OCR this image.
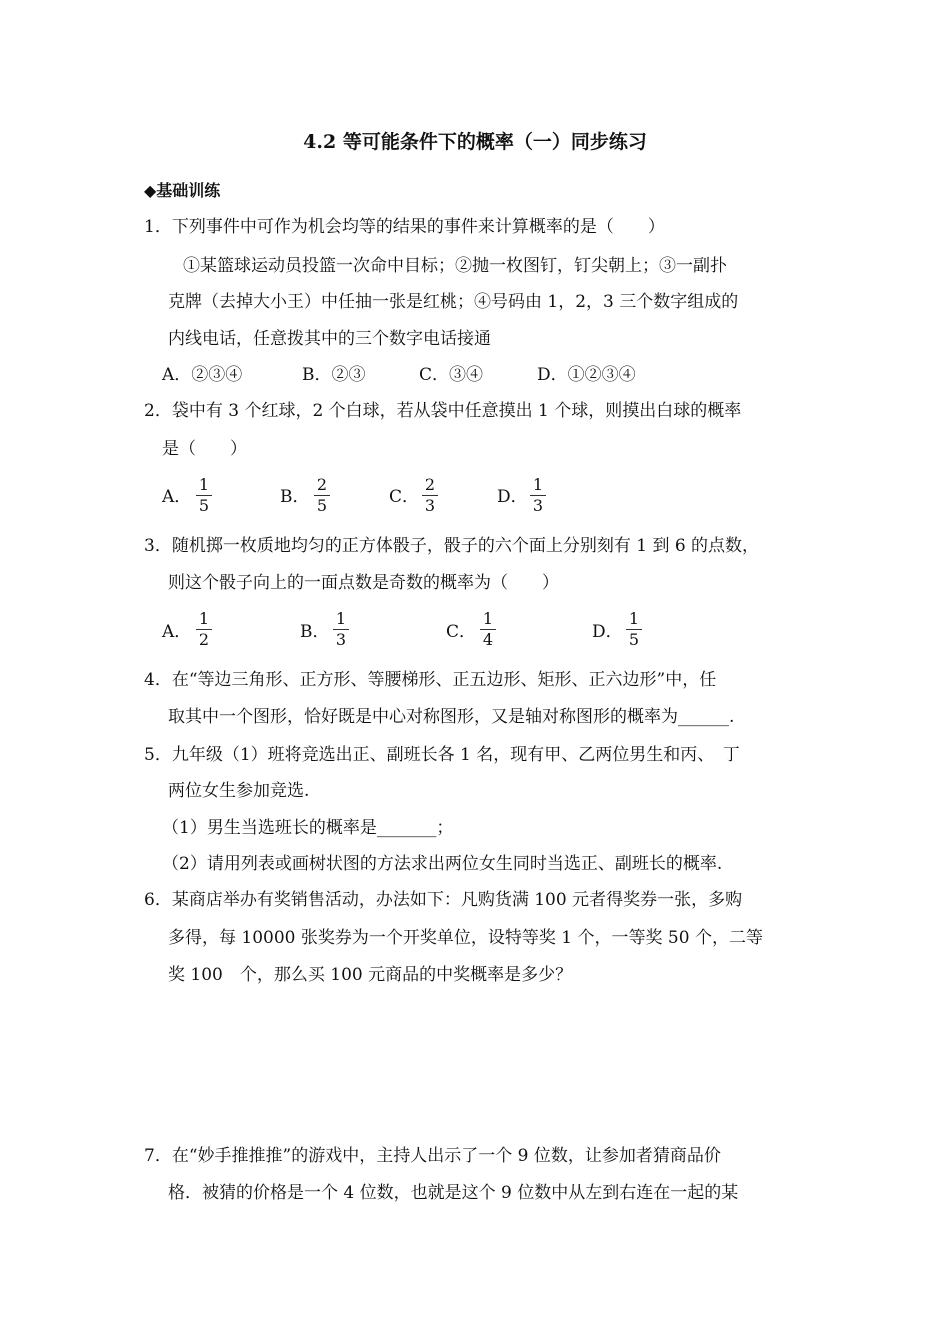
4.2 等可能条件下的概率（一）同步练习
◆基础训练
1．下列事件中可作为机会均等的结果的事件来计算概率的是（　　）
①某篮球运动员投篮一次命中目标；②抛一枚图钉，钉尖朝上；③一副扑
克牌（去掉大小王）中任抽一张是红桃；④号码由 1，2，3 三个数字组成的
内线电话，任意拨其中的三个数字电话接通
A．②③④	B．②③	C．③④	D．①②③④
2．袋中有 3 个红球，2 个白球，若从袋中任意摸出 1 个球，则摸出白球的概率
是（　　）
A． $\frac{1}{5}$	B． $\frac{2}{5}$	C． $\frac{2}{3}$	D． $\frac{1}{3}$
3．随机掷一枚质地均匀的正方体骰子，骰子的六个面上分别刻有 1 到 6 的点数，
则这个骰子向上的一面点数是奇数的概率为（　　）
A． $\frac{1}{2}$	B． $\frac{1}{3}$	C． $\frac{1}{4}$	D． $\frac{1}{5}$
4．在“等边三角形、正方形、等腰梯形、正五边形、矩形、正六边形”中，任
取其中一个图形，恰好既是中心对称图形，又是轴对称图形的概率为______.
5．九年级（1）班将竞选出正、副班长各 1 名，现有甲、乙两位男生和丙、　丁
两位女生参加竞选.
（1）男生当选班长的概率是_______；
（2）请用列表或画树状图的方法求出两位女生同时当选正、副班长的概率.
6．某商店举办有奖销售活动，办法如下：凡购货满 100 元者得奖券一张，多购
多得，每 10000 张奖券为一个开奖单位，设特等奖 1 个，一等奖 50 个，二等
奖 100　个，那么买 100 元商品的中奖概率是多少？
7．在“妙手推推推”的游戏中，主持人出示了一个 9 位数，让参加者猜商品价
格．被猜的价格是一个 4 位数，也就是这个 9 位数中从左到右连在一起的某
